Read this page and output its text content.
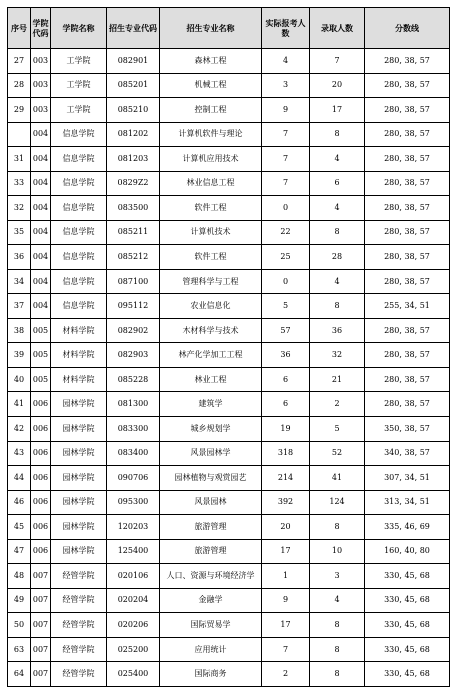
序号	学院代码	学院名称	招生专业代码	招生专业名称	实际报考人数	录取人数	分数线
27	003	工学院	082901	森林工程	4	7	280, 38, 57
28	003	工学院	085201	机械工程	3	20	280, 38, 57
29	003	工学院	085210	控制工程	9	17	280, 38, 57
	004	信息学院	081202	计算机软件与理论	7	8	280, 38, 57
31	004	信息学院	081203	计算机应用技术	7	4	280, 38, 57
33	004	信息学院	0829Z2	林业信息工程	7	6	280, 38, 57
32	004	信息学院	083500	软件工程	0	4	280, 38, 57
35	004	信息学院	085211	计算机技术	22	8	280, 38, 57
36	004	信息学院	085212	软件工程	25	28	280, 38, 57
34	004	信息学院	087100	管理科学与工程	0	4	280, 38, 57
37	004	信息学院	095112	农业信息化	5	8	255, 34, 51
38	005	材料学院	082902	木材科学与技术	57	36	280, 38, 57
39	005	材料学院	082903	林产化学加工工程	36	32	280, 38, 57
40	005	材料学院	085228	林业工程	6	21	280, 38, 57
41	006	园林学院	081300	建筑学	6	2	280, 38, 57
42	006	园林学院	083300	城乡规划学	19	5	350, 38, 57
43	006	园林学院	083400	风景园林学	318	52	340, 38, 57
44	006	园林学院	090706	园林植物与观赏园艺	214	41	307, 34, 51
46	006	园林学院	095300	风景园林	392	124	313, 34, 51
45	006	园林学院	120203	旅游管理	20	8	335, 46, 69
47	006	园林学院	125400	旅游管理	17	10	160, 40, 80
48	007	经管学院	020106	人口、资源与环境经济学	1	3	330, 45, 68
49	007	经管学院	020204	金融学	9	4	330, 45, 68
50	007	经管学院	020206	国际贸易学	17	8	330, 45, 68
63	007	经管学院	025200	应用统计	7	8	330, 45, 68
64	007	经管学院	025400	国际商务	2	8	330, 45, 68
